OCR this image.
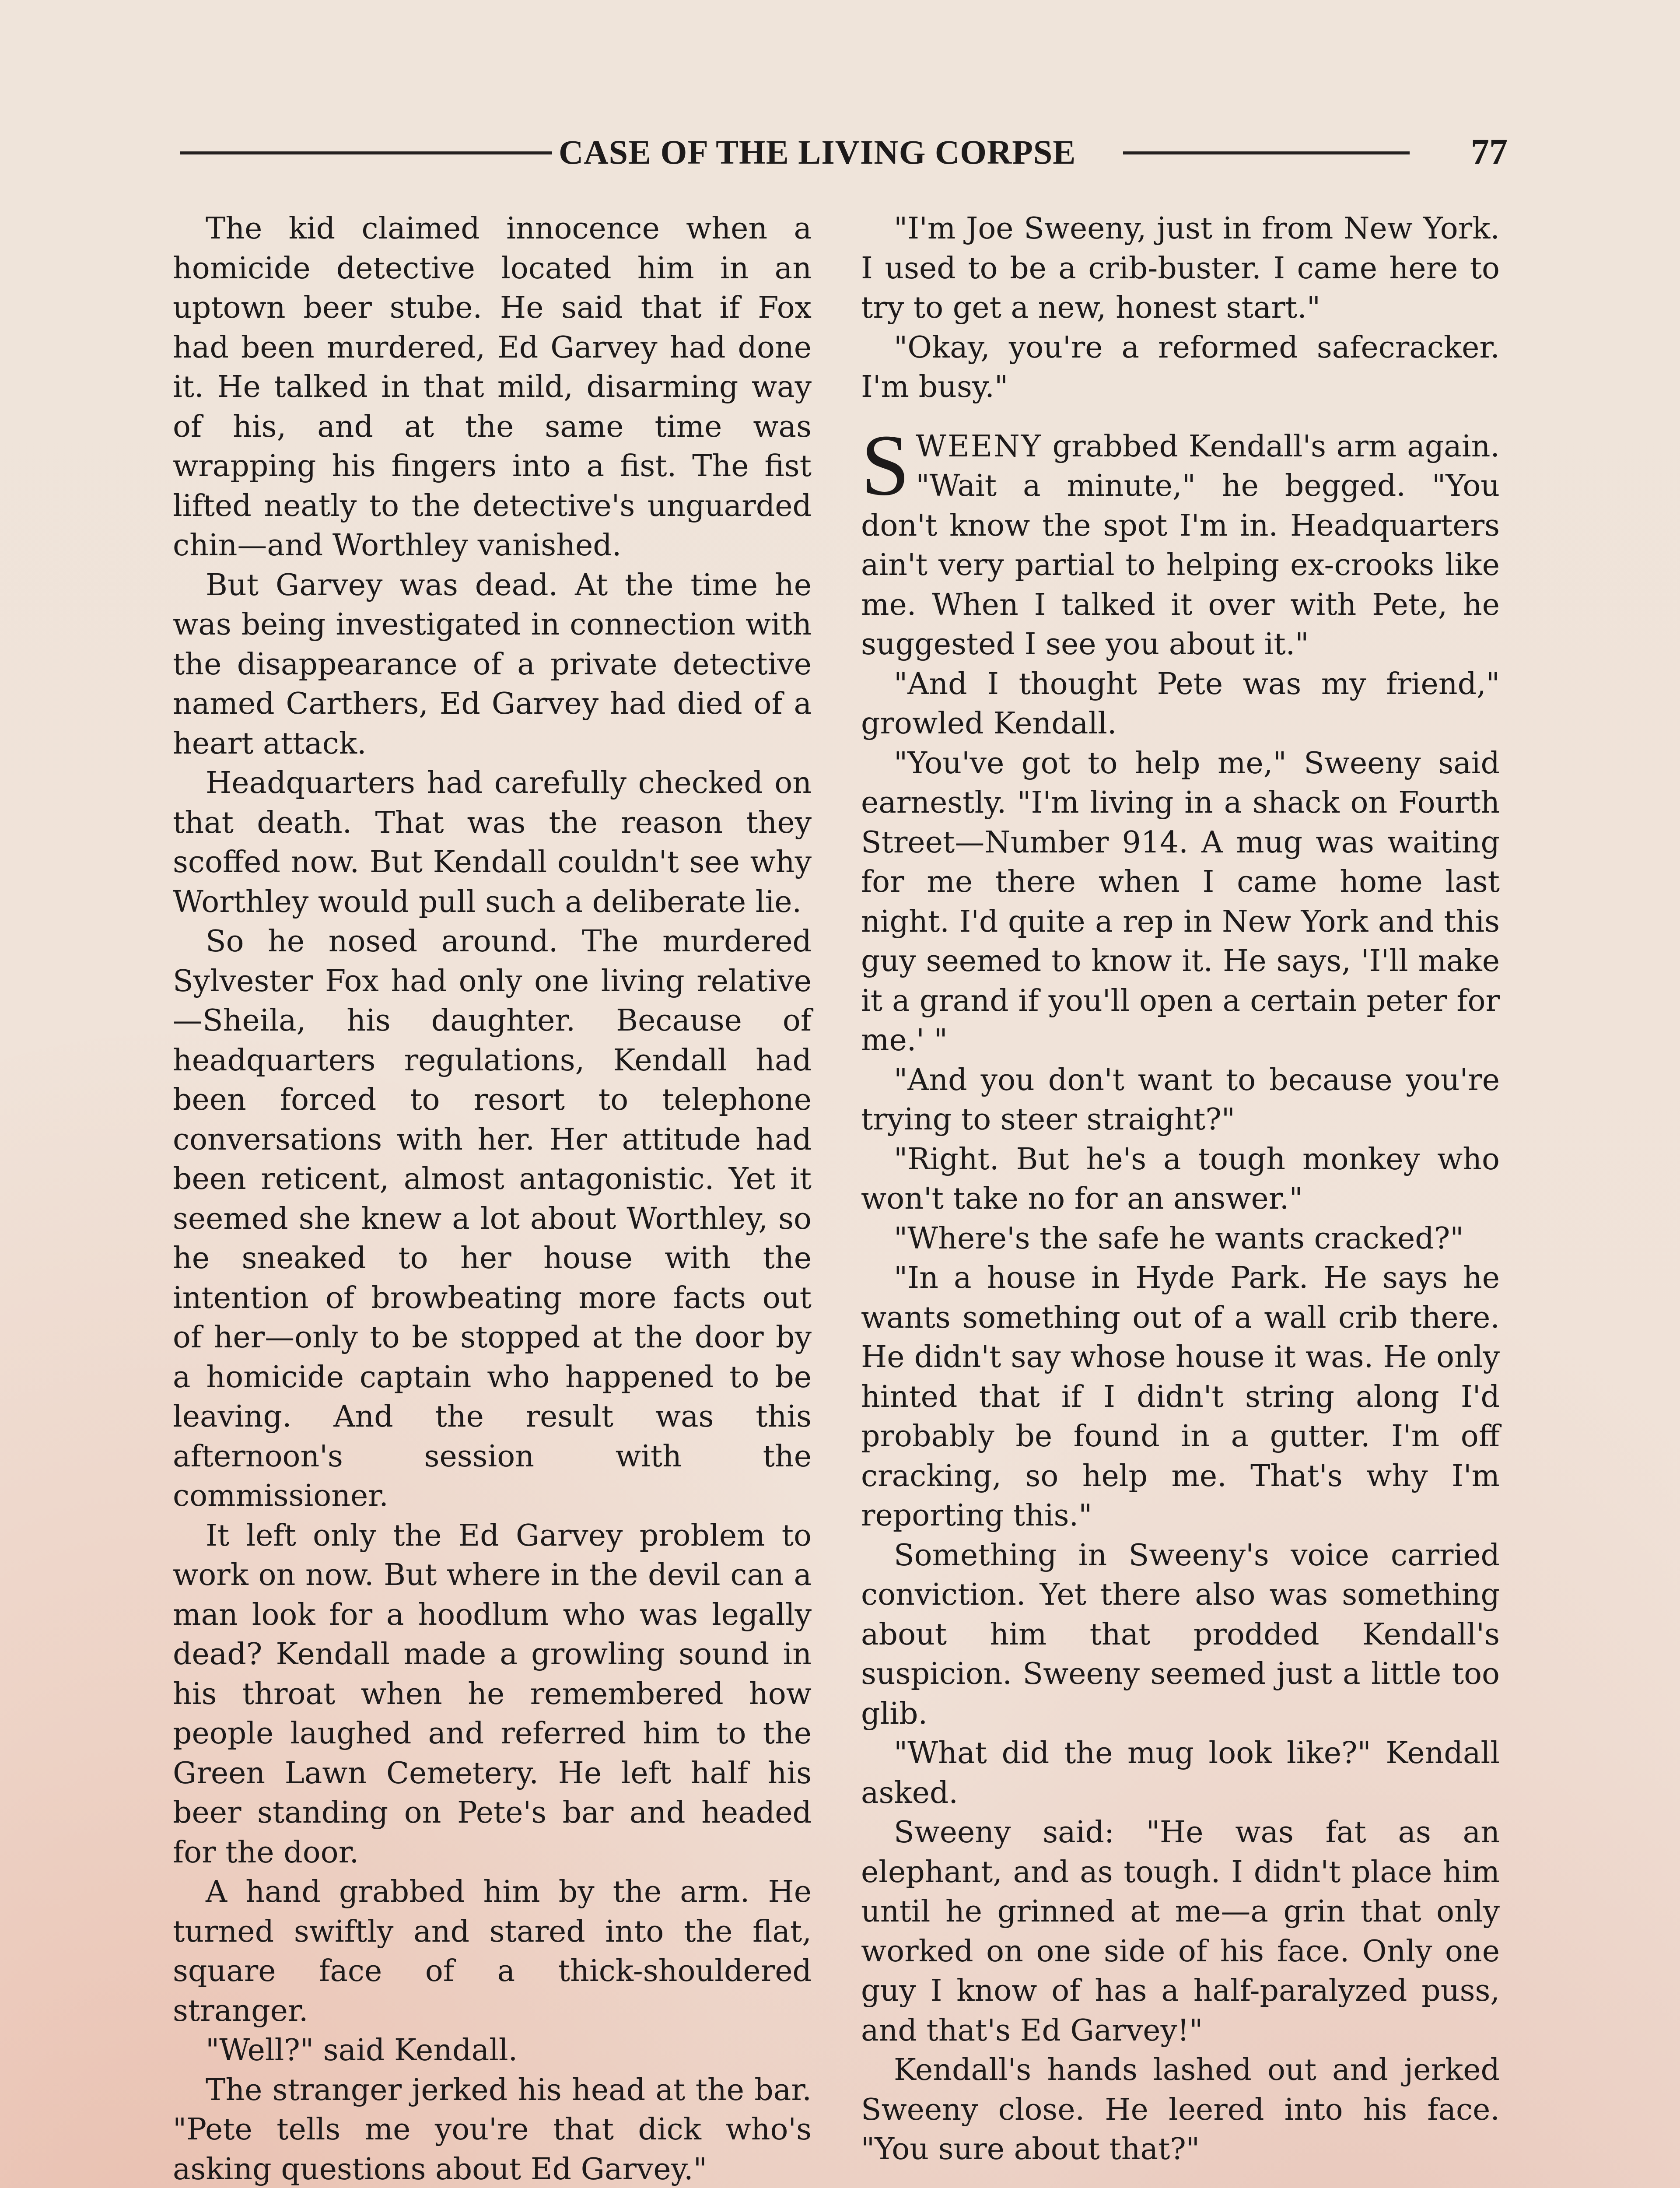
CASE OF THE LIVING CORPSE	77

The kid claimed innocence when a homicide detective located him in an uptown beer stube. He said that if Fox had been murdered, Ed Garvey had done it. He talked in that mild, disarming way of his, and at the same time was wrapping his fingers into a fist. The fist lifted neatly to the detective's unguarded chin—and Worthley vanished.

But Garvey was dead. At the time he was being investigated in connection with the disappearance of a private detective named Carthers, Ed Garvey had died of a heart attack.

Headquarters had carefully checked on that death. That was the reason they scoffed now. But Kendall couldn't see why Worthley would pull such a deliberate lie.

So he nosed around. The murdered Sylvester Fox had only one living relative—Sheila, his daughter. Because of headquarters regulations, Kendall had been forced to resort to telephone conversations with her. Her attitude had been reticent, almost antagonistic. Yet it seemed she knew a lot about Worthley, so he sneaked to her house with the intention of browbeating more facts out of her—only to be stopped at the door by a homicide captain who happened to be leaving. And the result was this afternoon's session with the commissioner.

It left only the Ed Garvey problem to work on now. But where in the devil can a man look for a hoodlum who was legally dead? Kendall made a growling sound in his throat when he remembered how people laughed and referred him to the Green Lawn Cemetery. He left half his beer standing on Pete's bar and headed for the door.

A hand grabbed him by the arm. He turned swiftly and stared into the flat, square face of a thick-shouldered stranger.

"Well?" said Kendall.

The stranger jerked his head at the bar. "Pete tells me you're that dick who's asking questions about Ed Garvey."

"I'm Joe Sweeny, just in from New York. I used to be a crib-buster. I came here to try to get a new, honest start."

"Okay, you're a reformed safecracker. I'm busy."

SWEENY grabbed Kendall's arm again. "Wait a minute," he begged. "You don't know the spot I'm in. Headquarters ain't very partial to helping ex-crooks like me. When I talked it over with Pete, he suggested I see you about it."

"And I thought Pete was my friend," growled Kendall.

"You've got to help me," Sweeny said earnestly. "I'm living in a shack on Fourth Street—Number 914. A mug was waiting for me there when I came home last night. I'd quite a rep in New York and this guy seemed to know it. He says, 'I'll make it a grand if you'll open a certain peter for me.' "

"And you don't want to because you're trying to steer straight?"

"Right. But he's a tough monkey who won't take no for an answer."

"Where's the safe he wants cracked?"

"In a house in Hyde Park. He says he wants something out of a wall crib there. He didn't say whose house it was. He only hinted that if I didn't string along I'd probably be found in a gutter. I'm off cracking, so help me. That's why I'm reporting this."

Something in Sweeny's voice carried conviction. Yet there also was something about him that prodded Kendall's suspicion. Sweeny seemed just a little too glib.

"What did the mug look like?" Kendall asked.

Sweeny said: "He was fat as an elephant, and as tough. I didn't place him until he grinned at me—a grin that only worked on one side of his face. Only one guy I know of has a half-paralyzed puss, and that's Ed Garvey!"

Kendall's hands lashed out and jerked Sweeny close. He leered into his face. "You sure about that?"
